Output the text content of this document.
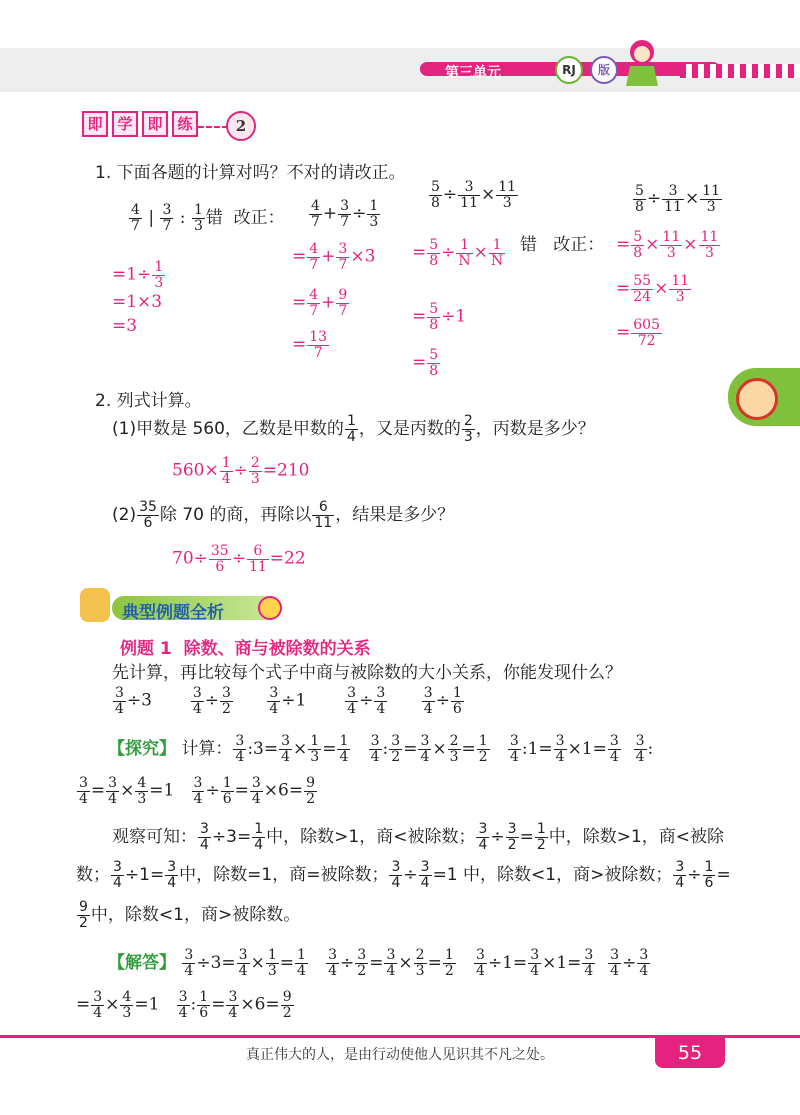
第三单元	RJ	版
即 学 即 练	2
1. 下面各题的计算对吗？不对的请改正。
$\frac{4}{7}$ | $\frac{3}{7}$ : $\frac{1}{3}$ 错 改正：
$=1\div \frac{1}{3}$
=1×3
=3
$\frac{4}{7} + \frac{3}{7} \div \frac{1}{3}$
= $\frac{4}{7} + \frac{3}{7} \times 3$
= $\frac{4}{7} + \frac{9}{7}$
= $\frac{13}{7}$
$\frac{5}{8} \div \frac{3}{11} \times \frac{11}{3}$
错 改正：
= $\frac{5}{8} \div \frac{1}{N} \times \frac{1}{N}$
= $\frac{5}{8} \div 1$
= $\frac{5}{8}$
$\frac{5}{8} \div \frac{3}{11} \times \frac{11}{3}$
= $\frac{5}{8} \times \frac{11}{3} \times \frac{11}{3}$
= $\frac{55}{24} \times \frac{11}{3}$
= $\frac{605}{72}$
2. 列式计算。
(1)甲数是 560，乙数是甲数的 $\frac{1}{4}$ ，又是丙数的 $\frac{2}{3}$ ，丙数是多少？
$560\times \frac{1}{4} \div \frac{2}{3} =210$
$(2) \frac{35}{6}$ 除 70 的商，再除以 $\frac{6}{11}$ ，结果是多少？
$70\div \frac{35}{6} \div \frac{6}{11} =22$
典型例题全析
例题 1 除数、商与被除数的关系
先计算，再比较每个式子中商与被除数的大小关系，你能发现什么？
$\frac{3}{4} \div 3 \frac{3}{4} \div \frac{3}{2}$
$\frac{3}{4} \div 1 \frac{3}{4} \div \frac{3}{4}$
$\frac{3}{4} \div \frac{1}{6}$
【探究】 计算： $\frac{3}{4}$ :3= $\frac{3}{4} \times \frac{1}{3} = \frac{1}{4}$
$\frac{3}{4}$ : $\frac{3}{2} = \frac{3}{4} \times \frac{2}{3} = \frac{1}{2}$
$\frac{3}{4}$ :1= $\frac{3}{4} \times 1= \frac{3}{4}$
$\frac{3}{4}$ :
$\frac{3}{4} = \frac{3}{4} \times \frac{4}{3} =1 \frac{3}{4} \div \frac{1}{6} = \frac{3}{4} \times 6= \frac{9}{2}$
观察可知： $\frac{3}{4} \div 3= \frac{1}{4}$ 中，除数>1，商<被除数； $\frac{3}{4} \div \frac{3}{2} = \frac{1}{2}$ 中，除数>1，商<被除
数； $\frac{3}{4} \div 1= \frac{3}{4}$ 中，除数=1，商=被除数； $\frac{3}{4} \div \frac{3}{4} =1$ 中，除数<1，商>被除数； $\frac{3}{4} \div \frac{1}{6}$ =
$\frac{9}{2}$ 中，除数<1，商>被除数。
【解答】 $\frac{3}{4} \div 3= \frac{3}{4} \times \frac{1}{3} = \frac{1}{4}$
$\frac{3}{4} \div \frac{3}{2} = \frac{3}{4} \times \frac{2}{3} = \frac{1}{2}$
$\frac{3}{4} \div 1= \frac{3}{4} \times 1= \frac{3}{4}$
$\frac{3}{4} \div \frac{3}{4}$
= $\frac{3}{4} \times \frac{4}{3} =1 \frac{3}{4}$ : $\frac{1}{6} = \frac{3}{4} \times 6= \frac{9}{2}$
真正伟大的人，是由行动使他人见识其不凡之处。	55
